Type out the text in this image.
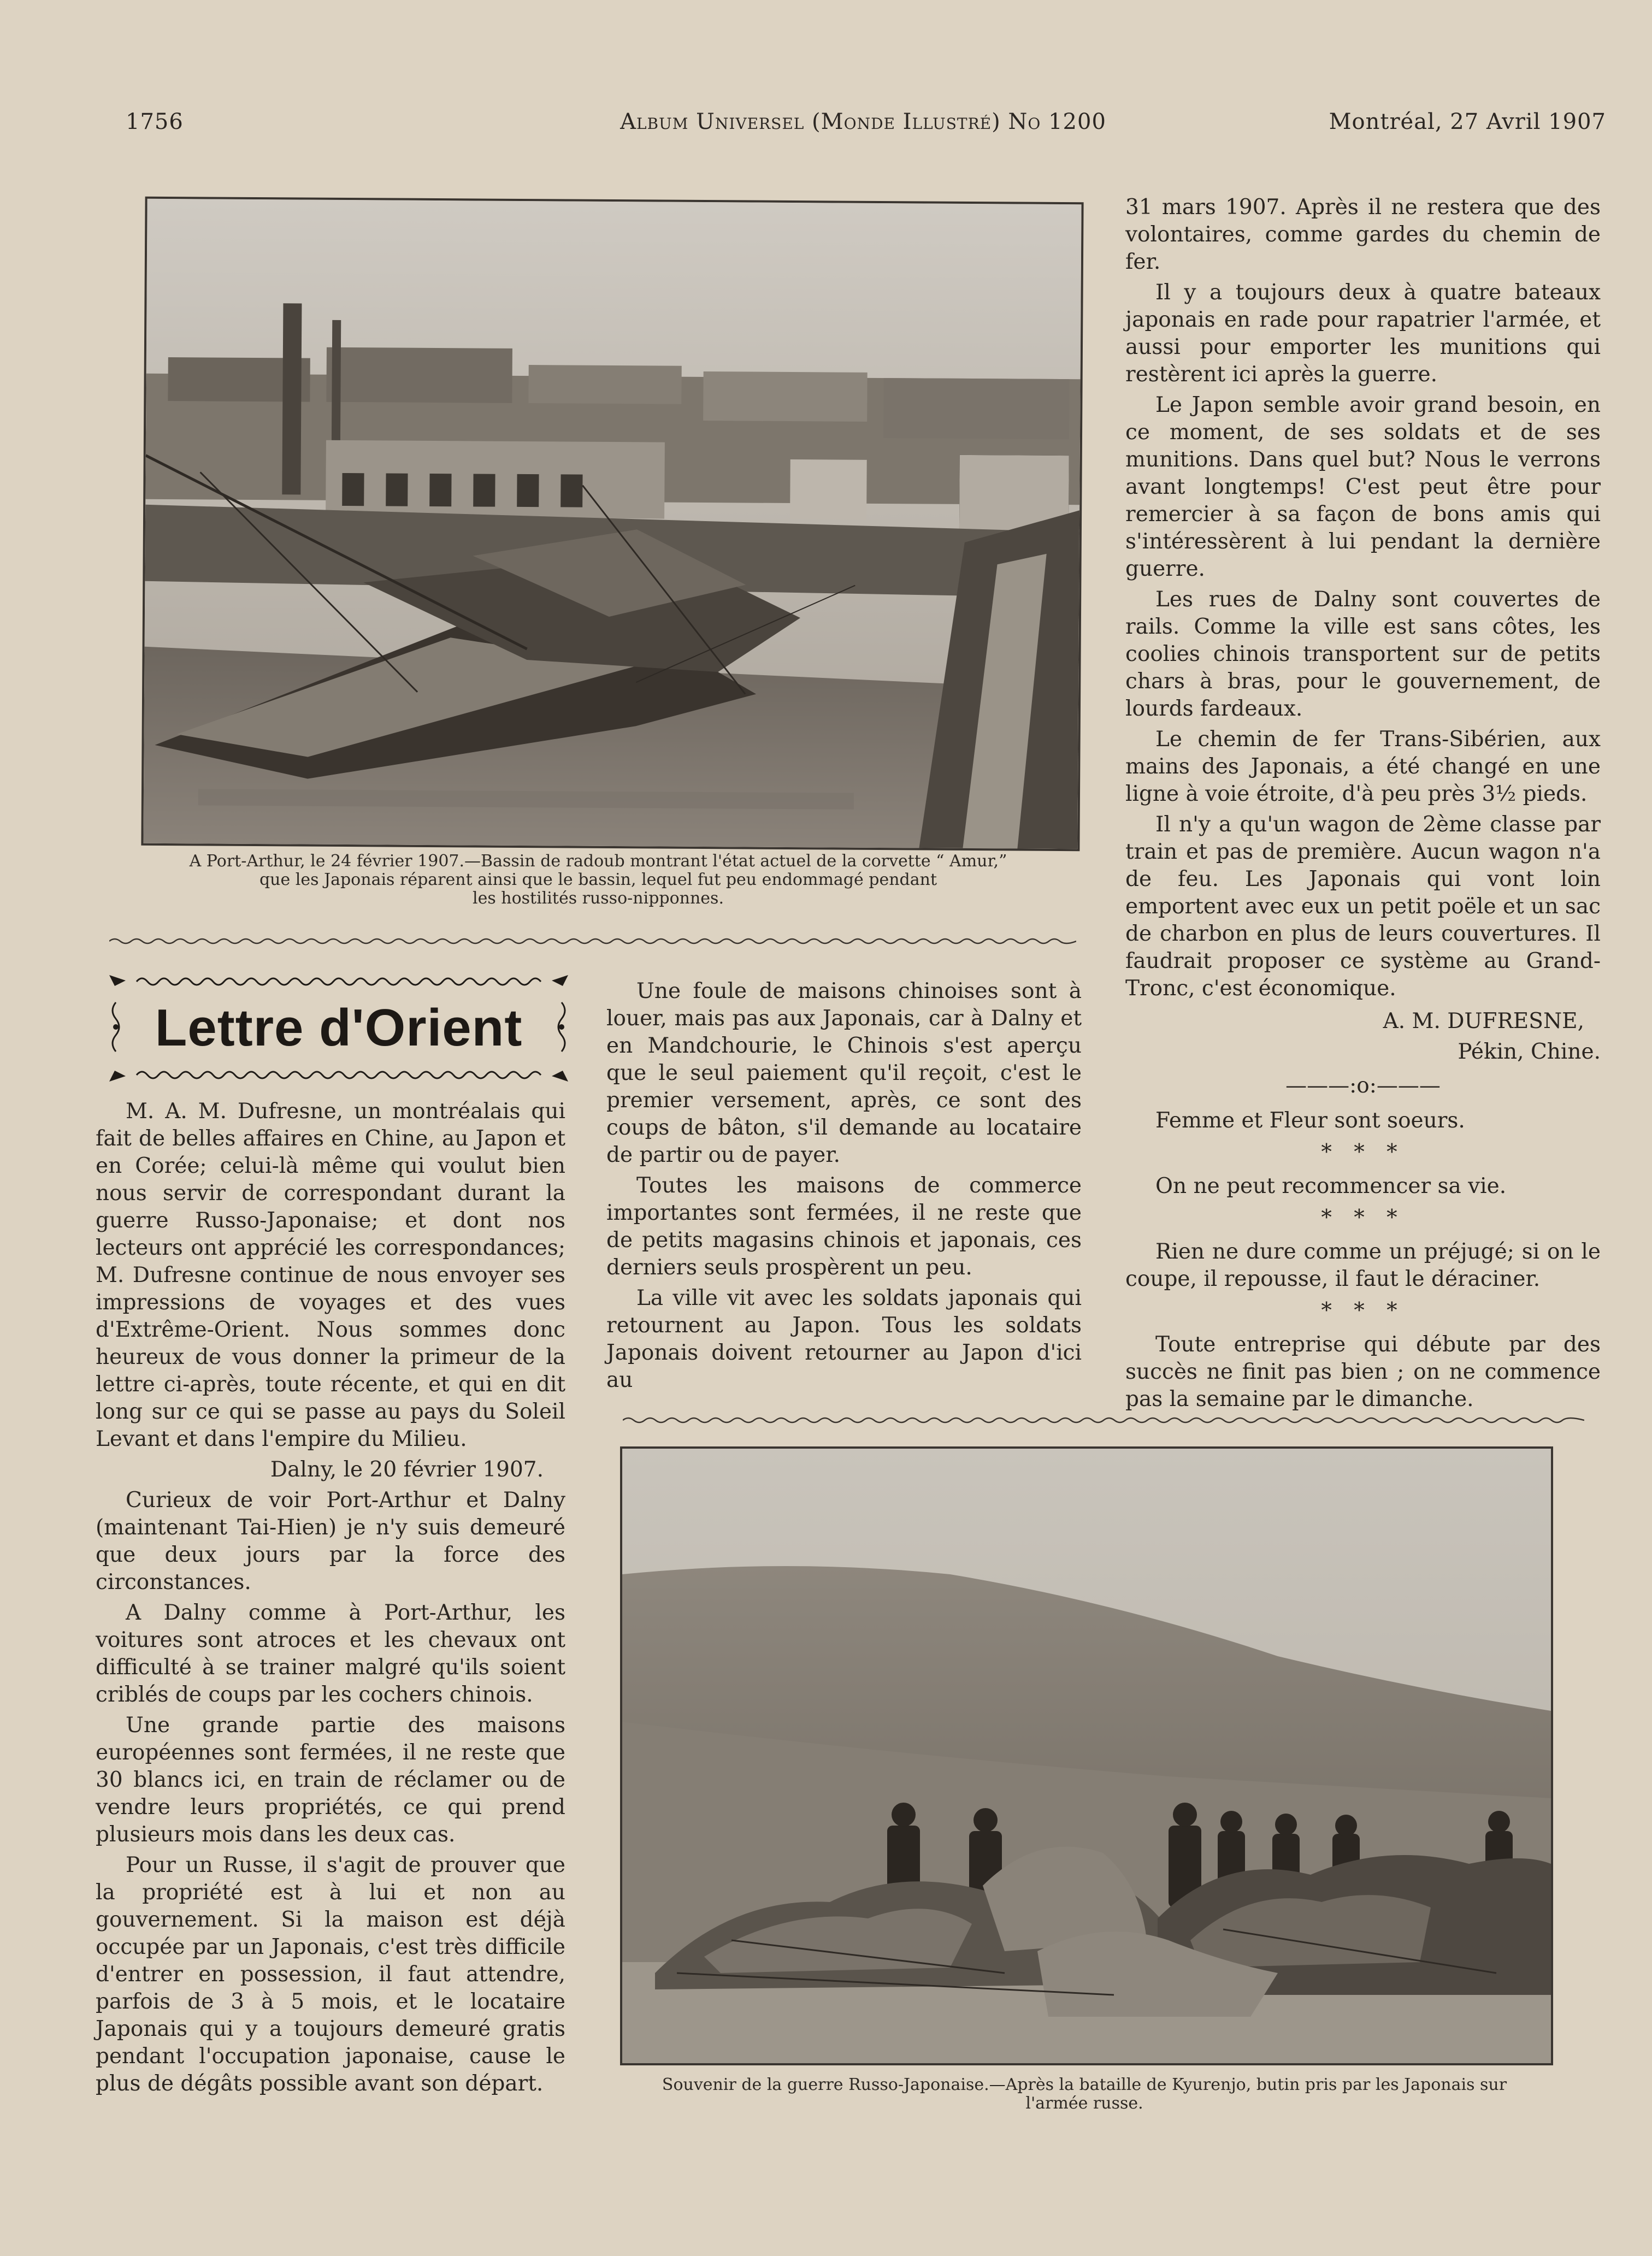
1756	Album Universel (Monde Illustré) No 1200	Montréal, 27 Avril 1907
A Port-Arthur, le 24 février 1907.—Bassin de radoub montrant l'état actuel de la corvette “ Amur,”
que les Japonais réparent ainsi que le bassin, lequel fut peu endommagé pendant
les hostilités russo-nipponnes.
Lettre d'Orient

M. A. M. Dufresne, un montréalais qui fait de belles affaires en Chine, au Japon et en Corée; celui-là même qui voulut bien nous servir de correspondant durant la guerre Russo-Japonaise; et dont nos lecteurs ont apprécié les correspondances; M. Dufresne continue de nous envoyer ses impressions de voyages et des vues d'Extrême-Orient. Nous sommes donc heureux de vous donner la primeur de la lettre ci-après, toute récente, et qui en dit long sur ce qui se passe au pays du Soleil Levant et dans l'empire du Milieu.

Dalny, le 20 février 1907.

Curieux de voir Port-Arthur et Dalny (maintenant Tai-Hien) je n'y suis demeuré que deux jours par la force des circonstances.

A Dalny comme à Port-Arthur, les voitures sont atroces et les chevaux ont difficulté à se trainer malgré qu'ils soient criblés de coups par les cochers chinois.

Une grande partie des maisons européennes sont fermées, il ne reste que 30 blancs ici, en train de réclamer ou de vendre leurs propriétés, ce qui prend plusieurs mois dans les deux cas.

Pour un Russe, il s'agit de prouver que la propriété est à lui et non au gouvernement. Si la maison est déjà occupée par un Japonais, c'est très difficile d'entrer en possession, il faut attendre, parfois de 3 à 5 mois, et le locataire Japonais qui y a toujours demeuré gratis pendant l'occupation japonaise, cause le plus de dégâts possible avant son départ.

Une foule de maisons chinoises sont à louer, mais pas aux Japonais, car à Dalny et en Mandchourie, le Chinois s'est aperçu que le seul paiement qu'il reçoit, c'est le premier versement, après, ce sont des coups de bâton, s'il demande au locataire de partir ou de payer.

Toutes les maisons de commerce importantes sont fermées, il ne reste que de petits magasins chinois et japonais, ces derniers seuls prospèrent un peu.

La ville vit avec les soldats japonais qui retournent au Japon. Tous les soldats Japonais doivent retourner au Japon d'ici au

31 mars 1907. Après il ne restera que des volontaires, comme gardes du chemin de fer.

Il y a toujours deux à quatre bateaux japonais en rade pour rapatrier l'armée, et aussi pour emporter les munitions qui restèrent ici après la guerre.

Le Japon semble avoir grand besoin, en ce moment, de ses soldats et de ses munitions. Dans quel but? Nous le verrons avant longtemps! C'est peut être pour remercier à sa façon de bons amis qui s'intéressèrent à lui pendant la dernière guerre.

Les rues de Dalny sont couvertes de rails. Comme la ville est sans côtes, les coolies chinois transportent sur de petits chars à bras, pour le gouvernement, de lourds fardeaux.

Le chemin de fer Trans-Sibérien, aux mains des Japonais, a été changé en une ligne à voie étroite, d'à peu près 3½ pieds.

Il n'y a qu'un wagon de 2ème classe par train et pas de première. Aucun wagon n'a de feu. Les Japonais qui vont loin emportent avec eux un petit poële et un sac de charbon en plus de leurs couvertures. Il faudrait proposer ce système au Grand-Tronc, c'est économique.

A. M. DUFRESNE,

Pékin, Chine.

———:o:———

Femme et Fleur sont soeurs.

* * *

On ne peut recommencer sa vie.

* * *

Rien ne dure comme un préjugé; si on le coupe, il repousse, il faut le déraciner.

* * *

Toute entreprise qui débute par des succès ne finit pas bien ; on ne commence pas la semaine par le dimanche.

Souvenir de la guerre Russo-Japonaise.—Après la bataille de Kyurenjo, butin pris par les Japonais sur
l'armée russe.
